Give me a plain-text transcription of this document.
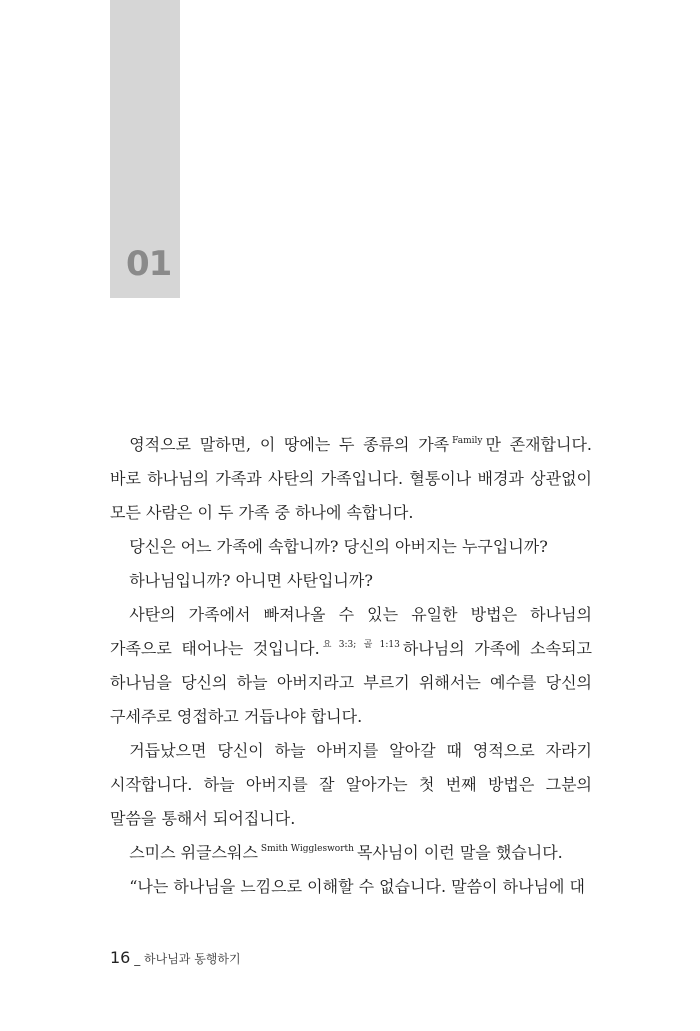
01

영적으로 말하면, 이 땅에는 두 종류의 가족 $^{Family}$ 만 존재합니다. 바로 하나님의 가족과 사탄의 가족입니다. 혈통이나 배경과 상관없이 모든 사람은 이 두 가족 중 하나에 속합니다.

당신은 어느 가족에 속합니까? 당신의 아버지는 누구입니까?

하나님입니까? 아니면 사탄입니까?

사탄의 가족에서 빠져나올 수 있는 유일한 방법은 하나님의 가족으로 태어나는 것입니다. $^{요 3:3; 골 1:13}$ 하나님의 가족에 소속되고 하나님을 당신의 하늘 아버지라고 부르기 위해서는 예수를 당신의 구세주로 영접하고 거듭나야 합니다.

거듭났으면 당신이 하늘 아버지를 알아갈 때 영적으로 자라기 시작합니다. 하늘 아버지를 잘 알아가는 첫 번째 방법은 그분의 말씀을 통해서 되어집니다.

스미스 위글스워스 $^{Smith Wigglesworth}$ 목사님이 이런 말을 했습니다.

“나는 하나님을 느낌으로 이해할 수 없습니다. 말씀이 하나님에 대

16 _ 하나님과 동행하기
